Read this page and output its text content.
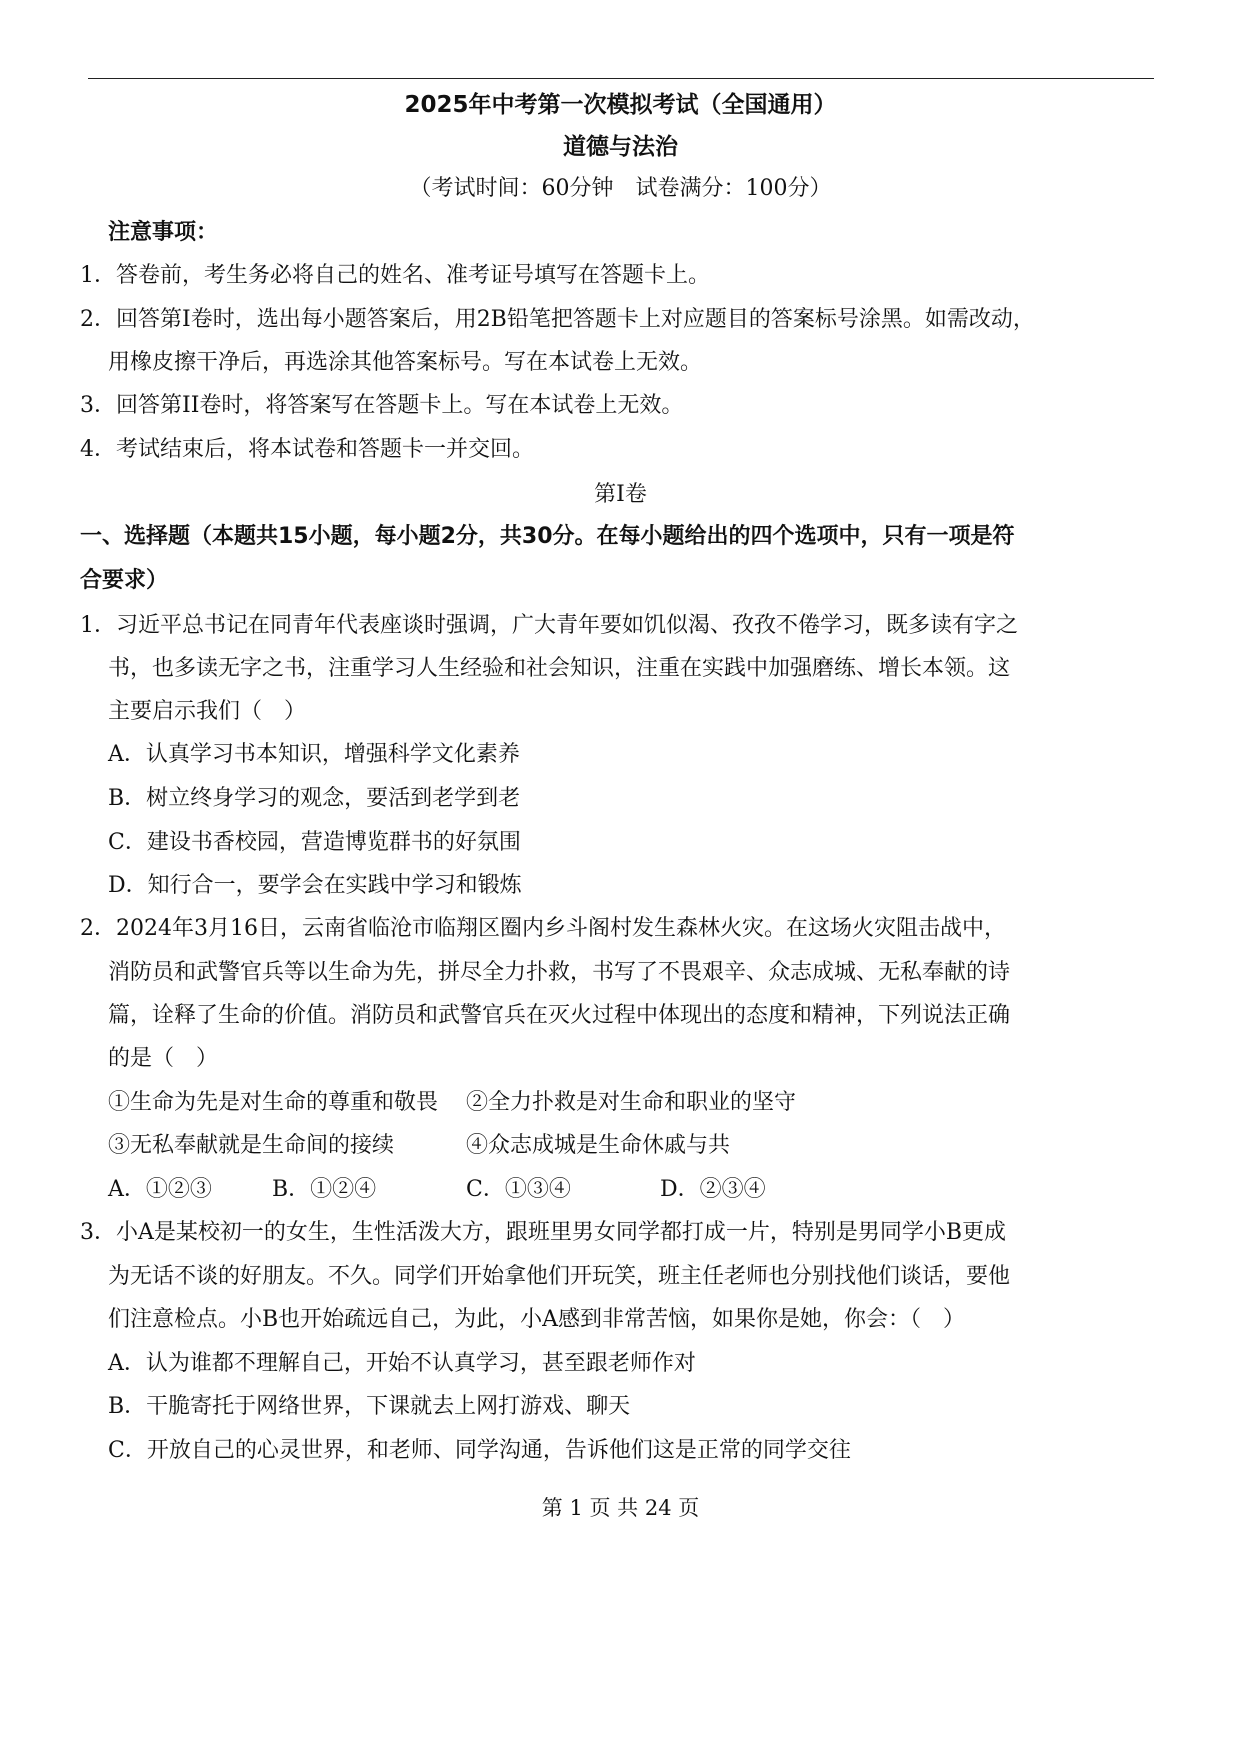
2025年中考第一次模拟考试（全国通用）
道德与法治
（考试时间：60分钟　试卷满分：100分）
注意事项：
1．答卷前，考生务必将自己的姓名、准考证号填写在答题卡上。
2．回答第I卷时，选出每小题答案后，用2B铅笔把答题卡上对应题目的答案标号涂黑。如需改动，
用橡皮擦干净后，再选涂其他答案标号。写在本试卷上无效。
3．回答第II卷时，将答案写在答题卡上。写在本试卷上无效。
4．考试结束后，将本试卷和答题卡一并交回。
第I卷
一、选择题（本题共15小题，每小题2分，共30分。在每小题给出的四个选项中，只有一项是符
合要求）
1．习近平总书记在同青年代表座谈时强调，广大青年要如饥似渴、孜孜不倦学习，既多读有字之
书，也多读无字之书，注重学习人生经验和社会知识，注重在实践中加强磨练、增长本领。这
主要启示我们（　）
A．认真学习书本知识，增强科学文化素养
B．树立终身学习的观念，要活到老学到老
C．建设书香校园，营造博览群书的好氛围
D．知行合一，要学会在实践中学习和锻炼
2．2024年3月16日，云南省临沧市临翔区圈内乡斗阁村发生森林火灾。在这场火灾阻击战中，
消防员和武警官兵等以生命为先，拼尽全力扑救，书写了不畏艰辛、众志成城、无私奉献的诗
篇，诠释了生命的价值。消防员和武警官兵在灭火过程中体现出的态度和精神，下列说法正确
的是（　）
①生命为先是对生命的尊重和敬畏 ②全力扑救是对生命和职业的坚守
③无私奉献就是生命间的接续	④众志成城是生命休戚与共
A．①②③	B．①②④	C．①③④	D．②③④
3．小A是某校初一的女生，生性活泼大方，跟班里男女同学都打成一片，特别是男同学小B更成
为无话不谈的好朋友。不久。同学们开始拿他们开玩笑，班主任老师也分别找他们谈话，要他
们注意检点。小B也开始疏远自己，为此，小A感到非常苦恼，如果你是她，你会：（　）
A．认为谁都不理解自己，开始不认真学习，甚至跟老师作对
B．干脆寄托于网络世界，下课就去上网打游戏、聊天
C．开放自己的心灵世界，和老师、同学沟通，告诉他们这是正常的同学交往
第 1 页 共 24 页
